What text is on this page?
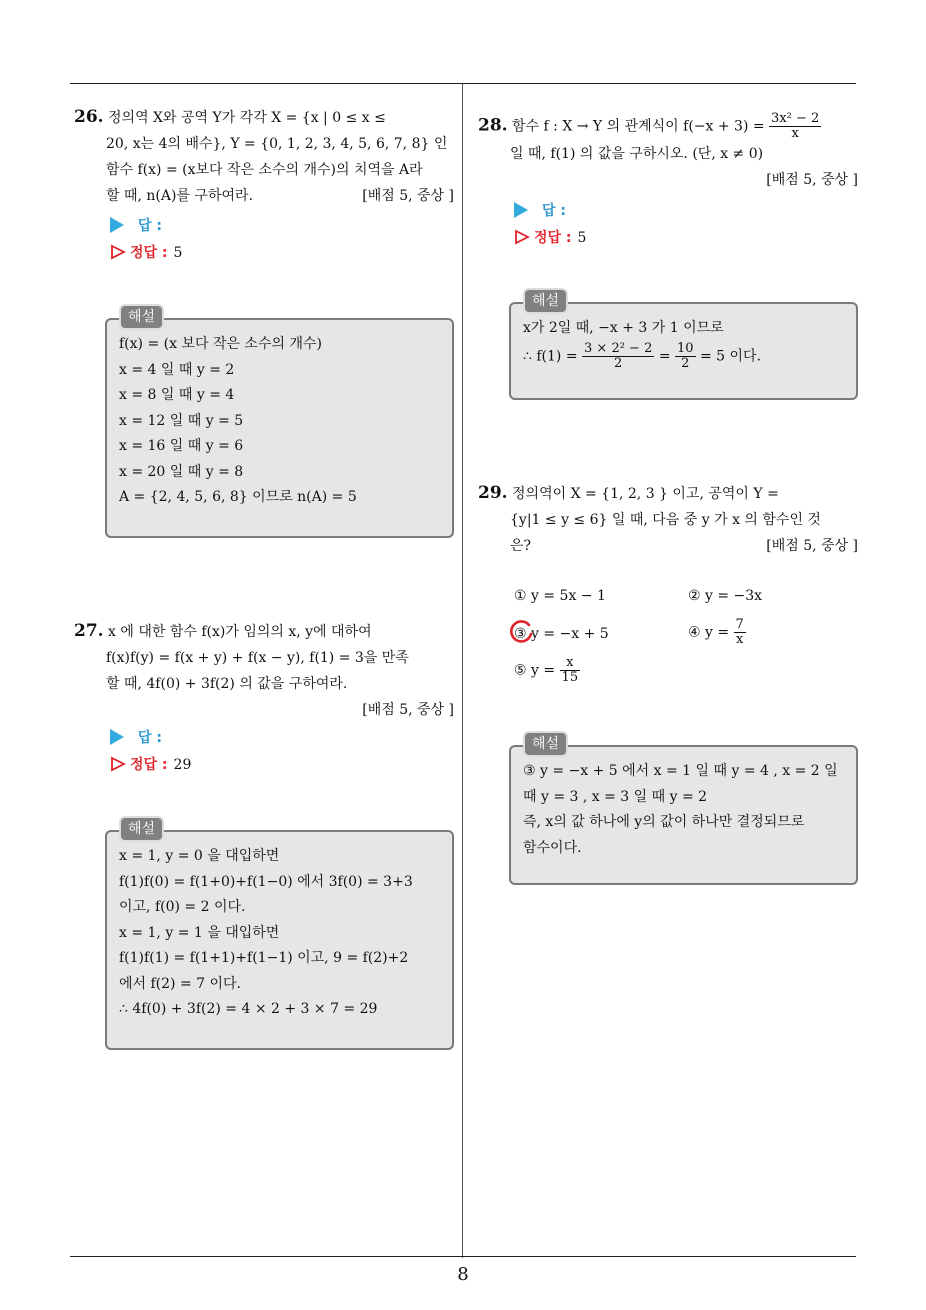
8
26. 정의역 X와 공역 Y가 각각 X = {x | 0 ≤ x ≤
20, x는 4의 배수}, Y = {0, 1, 2, 3, 4, 5, 6, 7, 8} 인
함수 f(x) = (x보다 작은 소수의 개수)의 치역을 A라
할 때, n(A)를 구하여라.	[배점 5, 중상 ]
답 :
정답 : 5
해설
f(x) = (x 보다 작은 소수의 개수)
x = 4 일 때 y = 2
x = 8 일 때 y = 4
x = 12 일 때 y = 5
x = 16 일 때 y = 6
x = 20 일 때 y = 8
A = {2, 4, 5, 6, 8} 이므로 n(A) = 5
27. x 에 대한 함수 f(x)가 임의의 x, y에 대하여
f(x)f(y) = f(x + y) + f(x − y), f(1) = 3을 만족
할 때, 4f(0) + 3f(2) 의 값을 구하여라.
[배점 5, 중상 ]
답 :
정답 : 29
해설
x = 1, y = 0 을 대입하면
f(1)f(0) = f(1+0)+f(1−0) 에서 3f(0) = 3+3
이고, f(0) = 2 이다.
x = 1, y = 1 을 대입하면
f(1)f(1) = f(1+1)+f(1−1) 이고, 9 = f(2)+2
에서 f(2) = 7 이다.
∴ 4f(0) + 3f(2) = 4 × 2 + 3 × 7 = 29
28. 함수 f : X → Y 의 관계식이 $f(-x + 3) = \frac{\text{3x² − 2}}{x}$
일 때, f(1) 의 값을 구하시오. (단, x ≠ 0)
[배점 5, 중상 ]
답 :
정답 : 5
해설
x가 2일 때, −x + 3 가 1 이므로
∴ $f(1) = \frac{\text{3 × 2² − 2}}{2} = \frac{10}{2} = 5$ 이다.
29. 정의역이 X = {1, 2, 3 } 이고, 공역이 Y =
{y|1 ≤ y ≤ 6} 일 때, 다음 중 y 가 x 의 함수인 것
은?	[배점 5, 중상 ]
① y = 5x − 1	② y = −3x
③ y = −x + 5	④ $y = \frac{7}{x}$
⑤ $y = \frac{x}{15}$
해설
③ y = −x + 5 에서 x = 1 일 때 y = 4 , x = 2 일
때 y = 3 , x = 3 일 때 y = 2
즉, x의 값 하나에 y의 값이 하나만 결정되므로
함수이다.
